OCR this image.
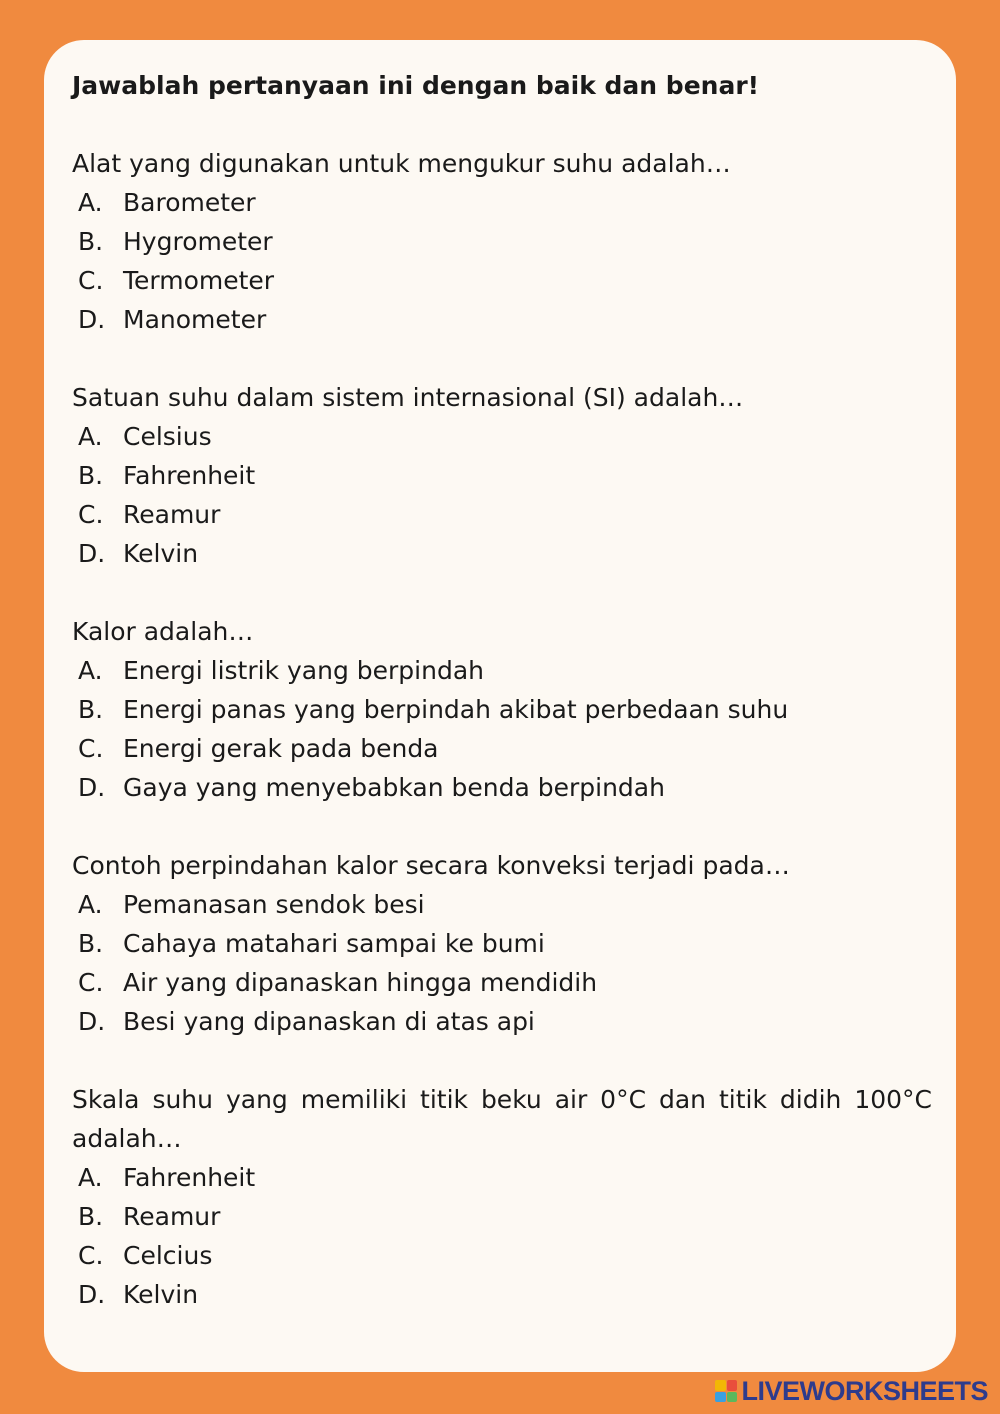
Jawablah pertanyaan ini dengan baik dan benar!

Alat yang digunakan untuk mengukur suhu adalah…

A. Barometer
B. Hygrometer
C. Termometer
D. Manometer

Satuan suhu dalam sistem internasional (SI) adalah…

A. Celsius
B. Fahrenheit
C. Reamur
D. Kelvin

Kalor adalah…

A. Energi listrik yang berpindah
B. Energi panas yang berpindah akibat perbedaan suhu
C. Energi gerak pada benda
D. Gaya yang menyebabkan benda berpindah

Contoh perpindahan kalor secara konveksi terjadi pada…

A. Pemanasan sendok besi
B. Cahaya matahari sampai ke bumi
C. Air yang dipanaskan hingga mendidih
D. Besi yang dipanaskan di atas api

Skala suhu yang memiliki titik beku air 0°C dan titik didih 100°C adalah…

A. Fahrenheit
B. Reamur
C. Celcius
D. Kelvin
LIVEWORKSHEETS
